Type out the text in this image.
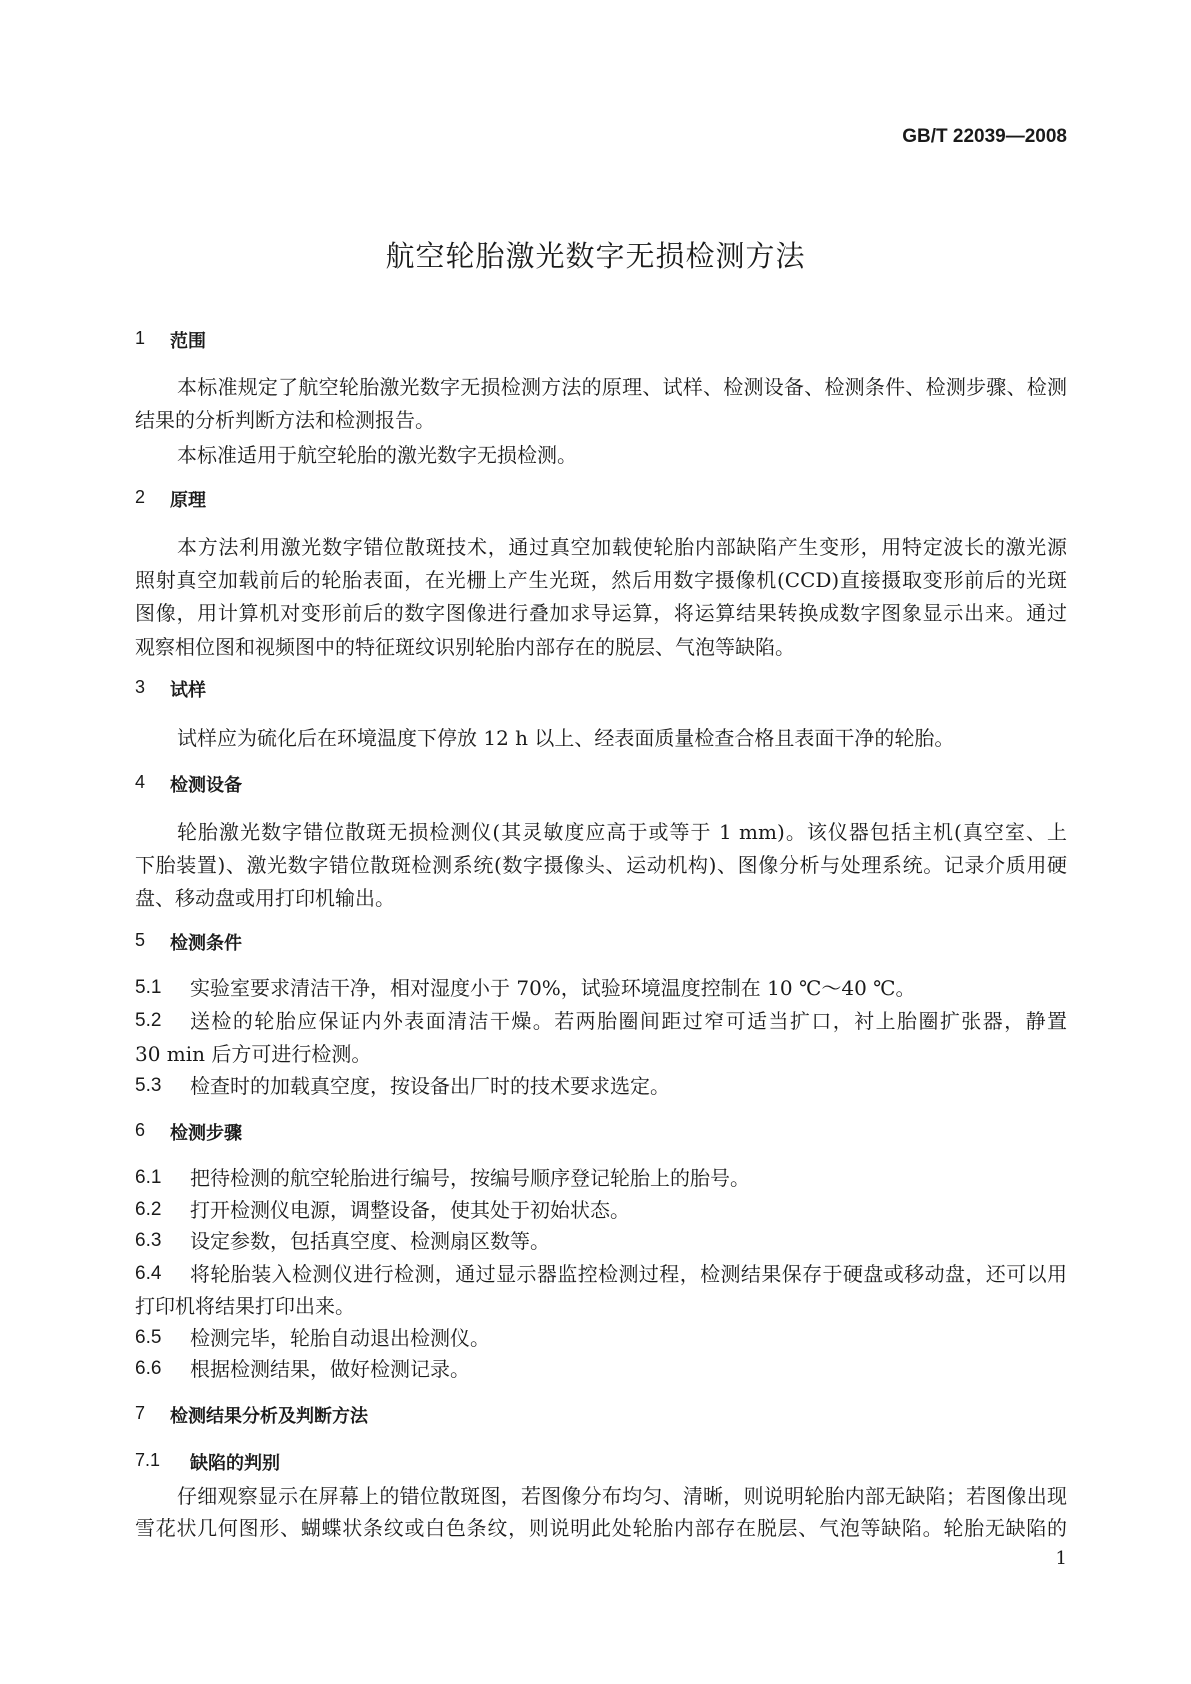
GB/T 22039—2008
航空轮胎激光数字无损检测方法
1 范围
本标准规定了航空轮胎激光数字无损检测方法的原理、试样、检测设备、检测条件、检测步骤、检测
结果的分析判断方法和检测报告。
本标准适用于航空轮胎的激光数字无损检测。
2 原理
本方法利用激光数字错位散斑技术，通过真空加载使轮胎内部缺陷产生变形，用特定波长的激光源
照射真空加载前后的轮胎表面，在光栅上产生光斑，然后用数字摄像机(CCD)直接摄取变形前后的光斑
图像，用计算机对变形前后的数字图像进行叠加求导运算，将运算结果转换成数字图象显示出来。通过
观察相位图和视频图中的特征斑纹识别轮胎内部存在的脱层、气泡等缺陷。
3 试样
试样应为硫化后在环境温度下停放 12 h 以上、经表面质量检查合格且表面干净的轮胎。
4 检测设备
轮胎激光数字错位散斑无损检测仪(其灵敏度应高于或等于 1 mm)。该仪器包括主机(真空室、上
下胎装置)、激光数字错位散斑检测系统(数字摄像头、运动机构)、图像分析与处理系统。记录介质用硬
盘、移动盘或用打印机输出。
5 检测条件
5.1 实验室要求清洁干净，相对湿度小于 70%，试验环境温度控制在 10 ℃～40 ℃。
5.2 送检的轮胎应保证内外表面清洁干燥。若两胎圈间距过窄可适当扩口，衬上胎圈扩张器，静置
30 min 后方可进行检测。
5.3 检查时的加载真空度，按设备出厂时的技术要求选定。
6 检测步骤
6.1 把待检测的航空轮胎进行编号，按编号顺序登记轮胎上的胎号。
6.2 打开检测仪电源，调整设备，使其处于初始状态。
6.3 设定参数，包括真空度、检测扇区数等。
6.4 将轮胎装入检测仪进行检测，通过显示器监控检测过程，检测结果保存于硬盘或移动盘，还可以用
打印机将结果打印出来。
6.5 检测完毕，轮胎自动退出检测仪。
6.6 根据检测结果，做好检测记录。
7 检测结果分析及判断方法
7.1 缺陷的判别
仔细观察显示在屏幕上的错位散斑图，若图像分布均匀、清晰，则说明轮胎内部无缺陷；若图像出现
雪花状几何图形、蝴蝶状条纹或白色条纹，则说明此处轮胎内部存在脱层、气泡等缺陷。轮胎无缺陷的
1
